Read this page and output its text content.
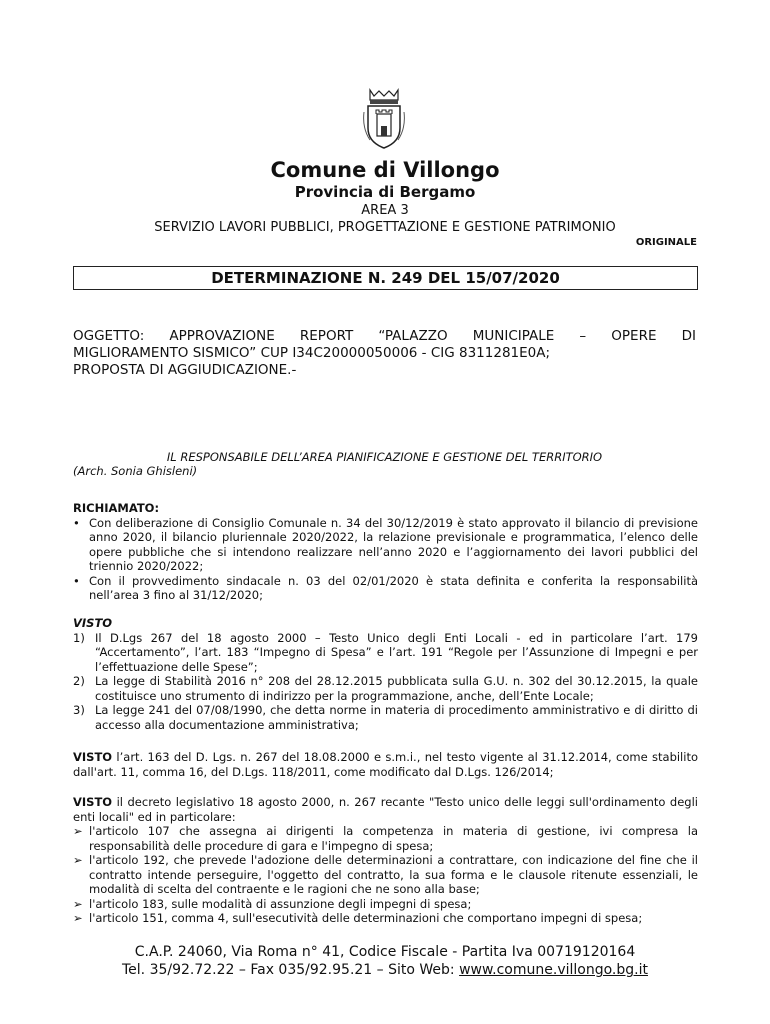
Comune di Villongo
Provincia di Bergamo
AREA 3
SERVIZIO LAVORI PUBBLICI, PROGETTAZIONE E GESTIONE PATRIMONIO
ORIGINALE
DETERMINAZIONE N. 249 DEL 15/07/2020
OGGETTO: APPROVAZIONE REPORT “PALAZZO MUNICIPALE – OPERE DI
MIGLIORAMENTO SISMICO” CUP I34C20000050006 - CIG 8311281E0A;
PROPOSTA DI AGGIUDICAZIONE.-
IL RESPONSABILE DELL’AREA PIANIFICAZIONE E GESTIONE DEL TERRITORIO
(Arch. Sonia Ghisleni)
RICHIAMATO:
• Con deliberazione di Consiglio Comunale n. 34 del 30/12/2019 è stato approvato il bilancio di previsione anno 2020, il bilancio pluriennale 2020/2022, la relazione previsionale e programmatica, l’elenco delle opere pubbliche che si intendono realizzare nell’anno 2020 e l’aggiornamento dei lavori pubblici del triennio 2020/2022;
• Con il provvedimento sindacale n. 03 del 02/01/2020 è stata definita e conferita la responsabilità nell’area 3 fino al 31/12/2020;
VISTO
1) Il D.Lgs 267 del 18 agosto 2000 – Testo Unico degli Enti Locali - ed in particolare l’art. 179 “Accertamento”, l’art. 183 “Impegno di Spesa” e l’art. 191 “Regole per l’Assunzione di Impegni e per l’effettuazione delle Spese”;
2) La legge di Stabilità 2016 n° 208 del 28.12.2015 pubblicata sulla G.U. n. 302 del 30.12.2015, la quale costituisce uno strumento di indirizzo per la programmazione, anche, dell’Ente Locale;
3) La legge 241 del 07/08/1990, che detta norme in materia di procedimento amministrativo e di diritto di accesso alla documentazione amministrativa;
VISTO l’art. 163 del D. Lgs. n. 267 del 18.08.2000 e s.m.i., nel testo vigente al 31.12.2014, come stabilito dall'art. 11, comma 16, del D.Lgs. 118/2011, come modificato dal D.Lgs. 126/2014;
VISTO il decreto legislativo 18 agosto 2000, n. 267 recante "Testo unico delle leggi sull'ordinamento degli enti locali" ed in particolare:
➢ l'articolo 107 che assegna ai dirigenti la competenza in materia di gestione, ivi compresa la responsabilità delle procedure di gara e l'impegno di spesa;
➢ l'articolo 192, che prevede l'adozione delle determinazioni a contrattare, con indicazione del fine che il contratto intende perseguire, l'oggetto del contratto, la sua forma e le clausole ritenute essenziali, le modalità di scelta del contraente e le ragioni che ne sono alla base;
➢ l'articolo 183, sulle modalità di assunzione degli impegni di spesa;
➢ l'articolo 151, comma 4, sull'esecutività delle determinazioni che comportano impegni di spesa;
C.A.P. 24060, Via Roma n° 41, Codice Fiscale - Partita Iva 00719120164
Tel. 35/92.72.22 – Fax 035/92.95.21 – Sito Web: www.comune.villongo.bg.it
